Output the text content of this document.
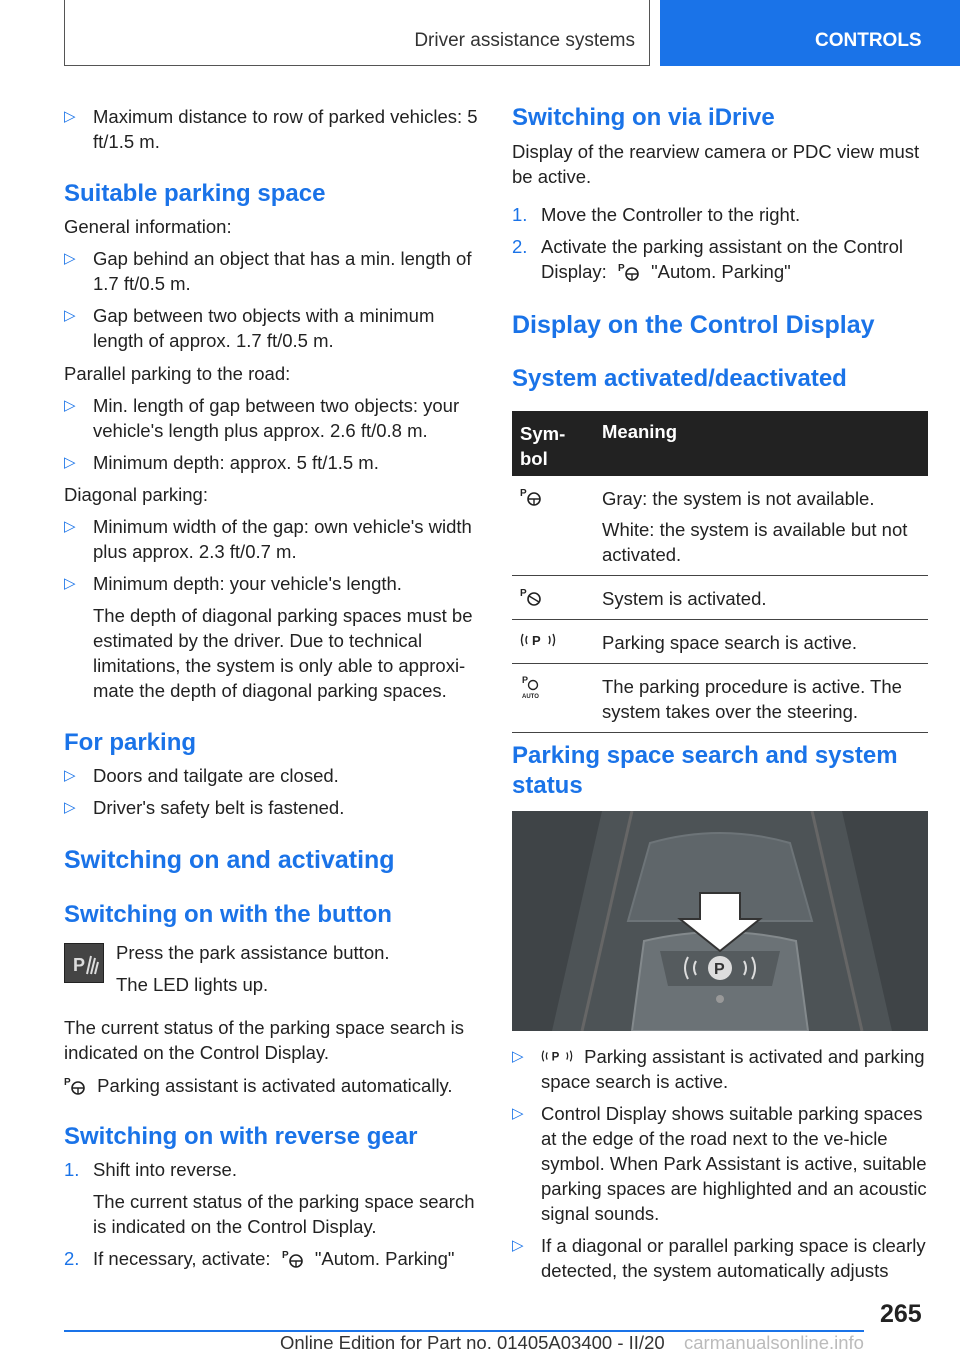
Driver assistance systems	CONTROLS
▷ Maximum distance to row of parked vehicles: 5 ft/1.5 m.
Suitable parking space

General information:

▷ Gap behind an object that has a min. length of 1.7 ft/0.5 m.
▷ Gap between two objects with a minimum length of approx. 1.7 ft/0.5 m.

Parallel parking to the road:

▷ Min. length of gap between two objects: your vehicle's length plus approx. 2.6 ft/0.8 m.
▷ Minimum depth: approx. 5 ft/1.5 m.

Diagonal parking:

▷ Minimum width of the gap: own vehicle's width plus approx. 2.3 ft/0.7 m.
▷ Minimum depth: your vehicle's length.
The depth of diagonal parking spaces must be estimated by the driver. Due to technical limitations, the system is only able to approxi-mate the depth of diagonal parking spaces.
For parking
▷ Doors and tailgate are closed.
▷ Driver's safety belt is fastened.
Switching on and activating
Switching on with the button
P

Press the park assistance button.

The LED lights up.

The current status of the parking space search is indicated on the Control Display.

P Parking assistant is activated automatically.

Switching on with reverse gear
1. Shift into reverse.
The current status of the parking space search is indicated on the Control Display.
2. If necessary, activate: P "Autom. Parking"
Switching on via iDrive

Display of the rearview camera or PDC view must be active.

1. Move the Controller to the right.
2. Activate the parking assistant on the Control Display: P "Autom. Parking"
Display on the Control Display
System activated/deactivated
Sym-bol
Meaning
P	Gray: the system is not available.

White: the system is available but not activated.

P	System is activated.

P	Parking space search is active.

P
AUTO	The parking procedure is active. The system takes over the steering.

Parking space search and system status
P
▷ P Parking assistant is activated and parking space search is active.
▷ Control Display shows suitable parking spaces at the edge of the road next to the ve-hicle symbol. When Park Assistant is active, suitable parking spaces are highlighted and an acoustic signal sounds.
▷ If a diagonal or parallel parking space is clearly detected, the system automatically adjusts
265
Online Edition for Part no. 01405A03400 - II/20 carmanualsonline.info
